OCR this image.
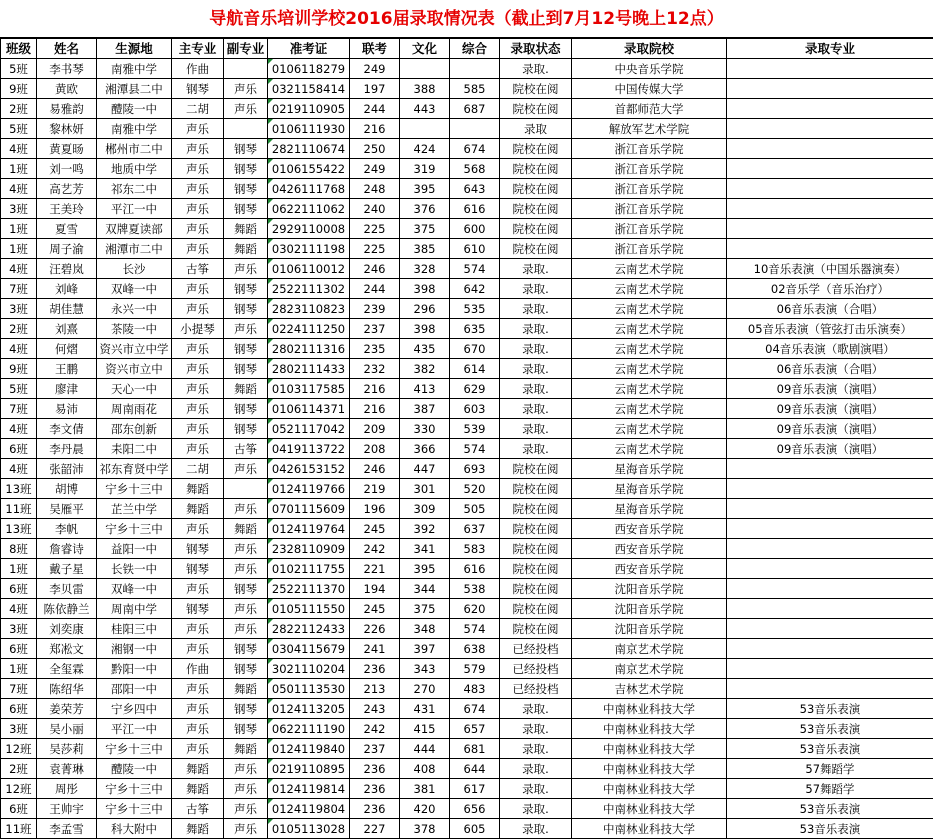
导航音乐培训学校2016届录取情况表（截止到7月12号晚上12点）
班级	姓名	生源地	主专业	副专业	准考证	联考	文化	综合	录取状态	录取院校	录取专业
5班	李书琴	南雅中学	作曲		0106118279	249			录取.	中央音乐学院	
9班	黄欧	湘潭县二中	钢琴	声乐	0321158414	197	388	585	院校在阅	中国传媒大学	
2班	易雅韵	醴陵一中	二胡	声乐	0219110905	244	443	687	院校在阅	首都师范大学	
5班	黎林妍	南雅中学	声乐		0106111930	216			录取	解放军艺术学院	
4班	黄夏旸	郴州市二中	声乐	钢琴	2821110674	250	424	674	院校在阅	浙江音乐学院	
1班	刘一鸣	地质中学	声乐	钢琴	0106155422	249	319	568	院校在阅	浙江音乐学院	
4班	高艺芳	祁东二中	声乐	钢琴	0426111768	248	395	643	院校在阅	浙江音乐学院	
3班	王美玲	平江一中	声乐	钢琴	0622111062	240	376	616	院校在阅	浙江音乐学院	
1班	夏雪	双牌夏读部	声乐	舞蹈	2929110008	225	375	600	院校在阅	浙江音乐学院	
1班	周子渝	湘潭市二中	声乐	舞蹈	0302111198	225	385	610	院校在阅	浙江音乐学院	
4班	汪碧岚	长沙	古筝	声乐	0106110012	246	328	574	录取.	云南艺术学院	10音乐表演（中国乐器演奏）
7班	刘峰	双峰一中	声乐	钢琴	2522111302	244	398	642	录取.	云南艺术学院	02音乐学（音乐治疗）
3班	胡佳慧	永兴一中	声乐	钢琴	2823110823	239	296	535	录取.	云南艺术学院	06音乐表演（合唱）
2班	刘熹	茶陵一中	小提琴	声乐	0224111250	237	398	635	录取.	云南艺术学院	05音乐表演（管弦打击乐演奏）
4班	何熠	资兴市立中学	声乐	钢琴	2802111316	235	435	670	录取.	云南艺术学院	04音乐表演（歌剧演唱）
9班	王鹏	资兴市立中	声乐	钢琴	2802111433	232	382	614	录取.	云南艺术学院	06音乐表演（合唱）
5班	廖津	天心一中	声乐	舞蹈	0103117585	216	413	629	录取.	云南艺术学院	09音乐表演（演唱）
7班	易沛	周南雨花	声乐	钢琴	0106114371	216	387	603	录取.	云南艺术学院	09音乐表演（演唱）
4班	李文倩	邵东创新	声乐	钢琴	0521117042	209	330	539	录取.	云南艺术学院	09音乐表演（演唱）
6班	李丹晨	耒阳二中	声乐	古筝	0419113722	208	366	574	录取.	云南艺术学院	09音乐表演（演唱）
4班	张韶沛	祁东育贤中学	二胡	声乐	0426153152	246	447	693	院校在阅	星海音乐学院	
13班	胡博	宁乡十三中	舞蹈		0124119766	219	301	520	院校在阅	星海音乐学院	
11班	吴雁平	芷兰中学	舞蹈	声乐	0701115609	196	309	505	院校在阅	星海音乐学院	
13班	李帆	宁乡十三中	声乐	舞蹈	0124119764	245	392	637	院校在阅	西安音乐学院	
8班	詹睿诗	益阳一中	钢琴	声乐	2328110909	242	341	583	院校在阅	西安音乐学院	
1班	戴子星	长铁一中	钢琴	声乐	0102111755	221	395	616	院校在阅	西安音乐学院	
6班	李贝雷	双峰一中	声乐	钢琴	2522111370	194	344	538	院校在阅	沈阳音乐学院	
4班	陈依静兰	周南中学	钢琴	声乐	0105111550	245	375	620	院校在阅	沈阳音乐学院	
3班	刘奕康	桂阳三中	声乐	声乐	2822112433	226	348	574	院校在阅	沈阳音乐学院	
6班	郑凇文	湘钢一中	声乐	钢琴	0304115679	241	397	638	已经投档	南京艺术学院	
1班	全玺霖	黔阳一中	作曲	钢琴	3021110204	236	343	579	已经投档	南京艺术学院	
7班	陈绍华	邵阳一中	声乐	舞蹈	0501113530	213	270	483	已经投档	吉林艺术学院	
6班	姜荣芳	宁乡四中	声乐	钢琴	0124113205	243	431	674	录取.	中南林业科技大学	53音乐表演
3班	吴小丽	平江一中	声乐	钢琴	0622111190	242	415	657	录取.	中南林业科技大学	53音乐表演
12班	吴莎莉	宁乡十三中	声乐	舞蹈	0124119840	237	444	681	录取.	中南林业科技大学	53音乐表演
2班	袁菁琳	醴陵一中	舞蹈	声乐	0219110895	236	408	644	录取.	中南林业科技大学	57舞蹈学
12班	周彤	宁乡十三中	舞蹈	声乐	0124119814	236	381	617	录取.	中南林业科技大学	57舞蹈学
6班	王帅宇	宁乡十三中	古筝	声乐	0124119804	236	420	656	录取.	中南林业科技大学	53音乐表演
11班	李孟雪	科大附中	舞蹈	声乐	0105113028	227	378	605	录取.	中南林业科技大学	53音乐表演
